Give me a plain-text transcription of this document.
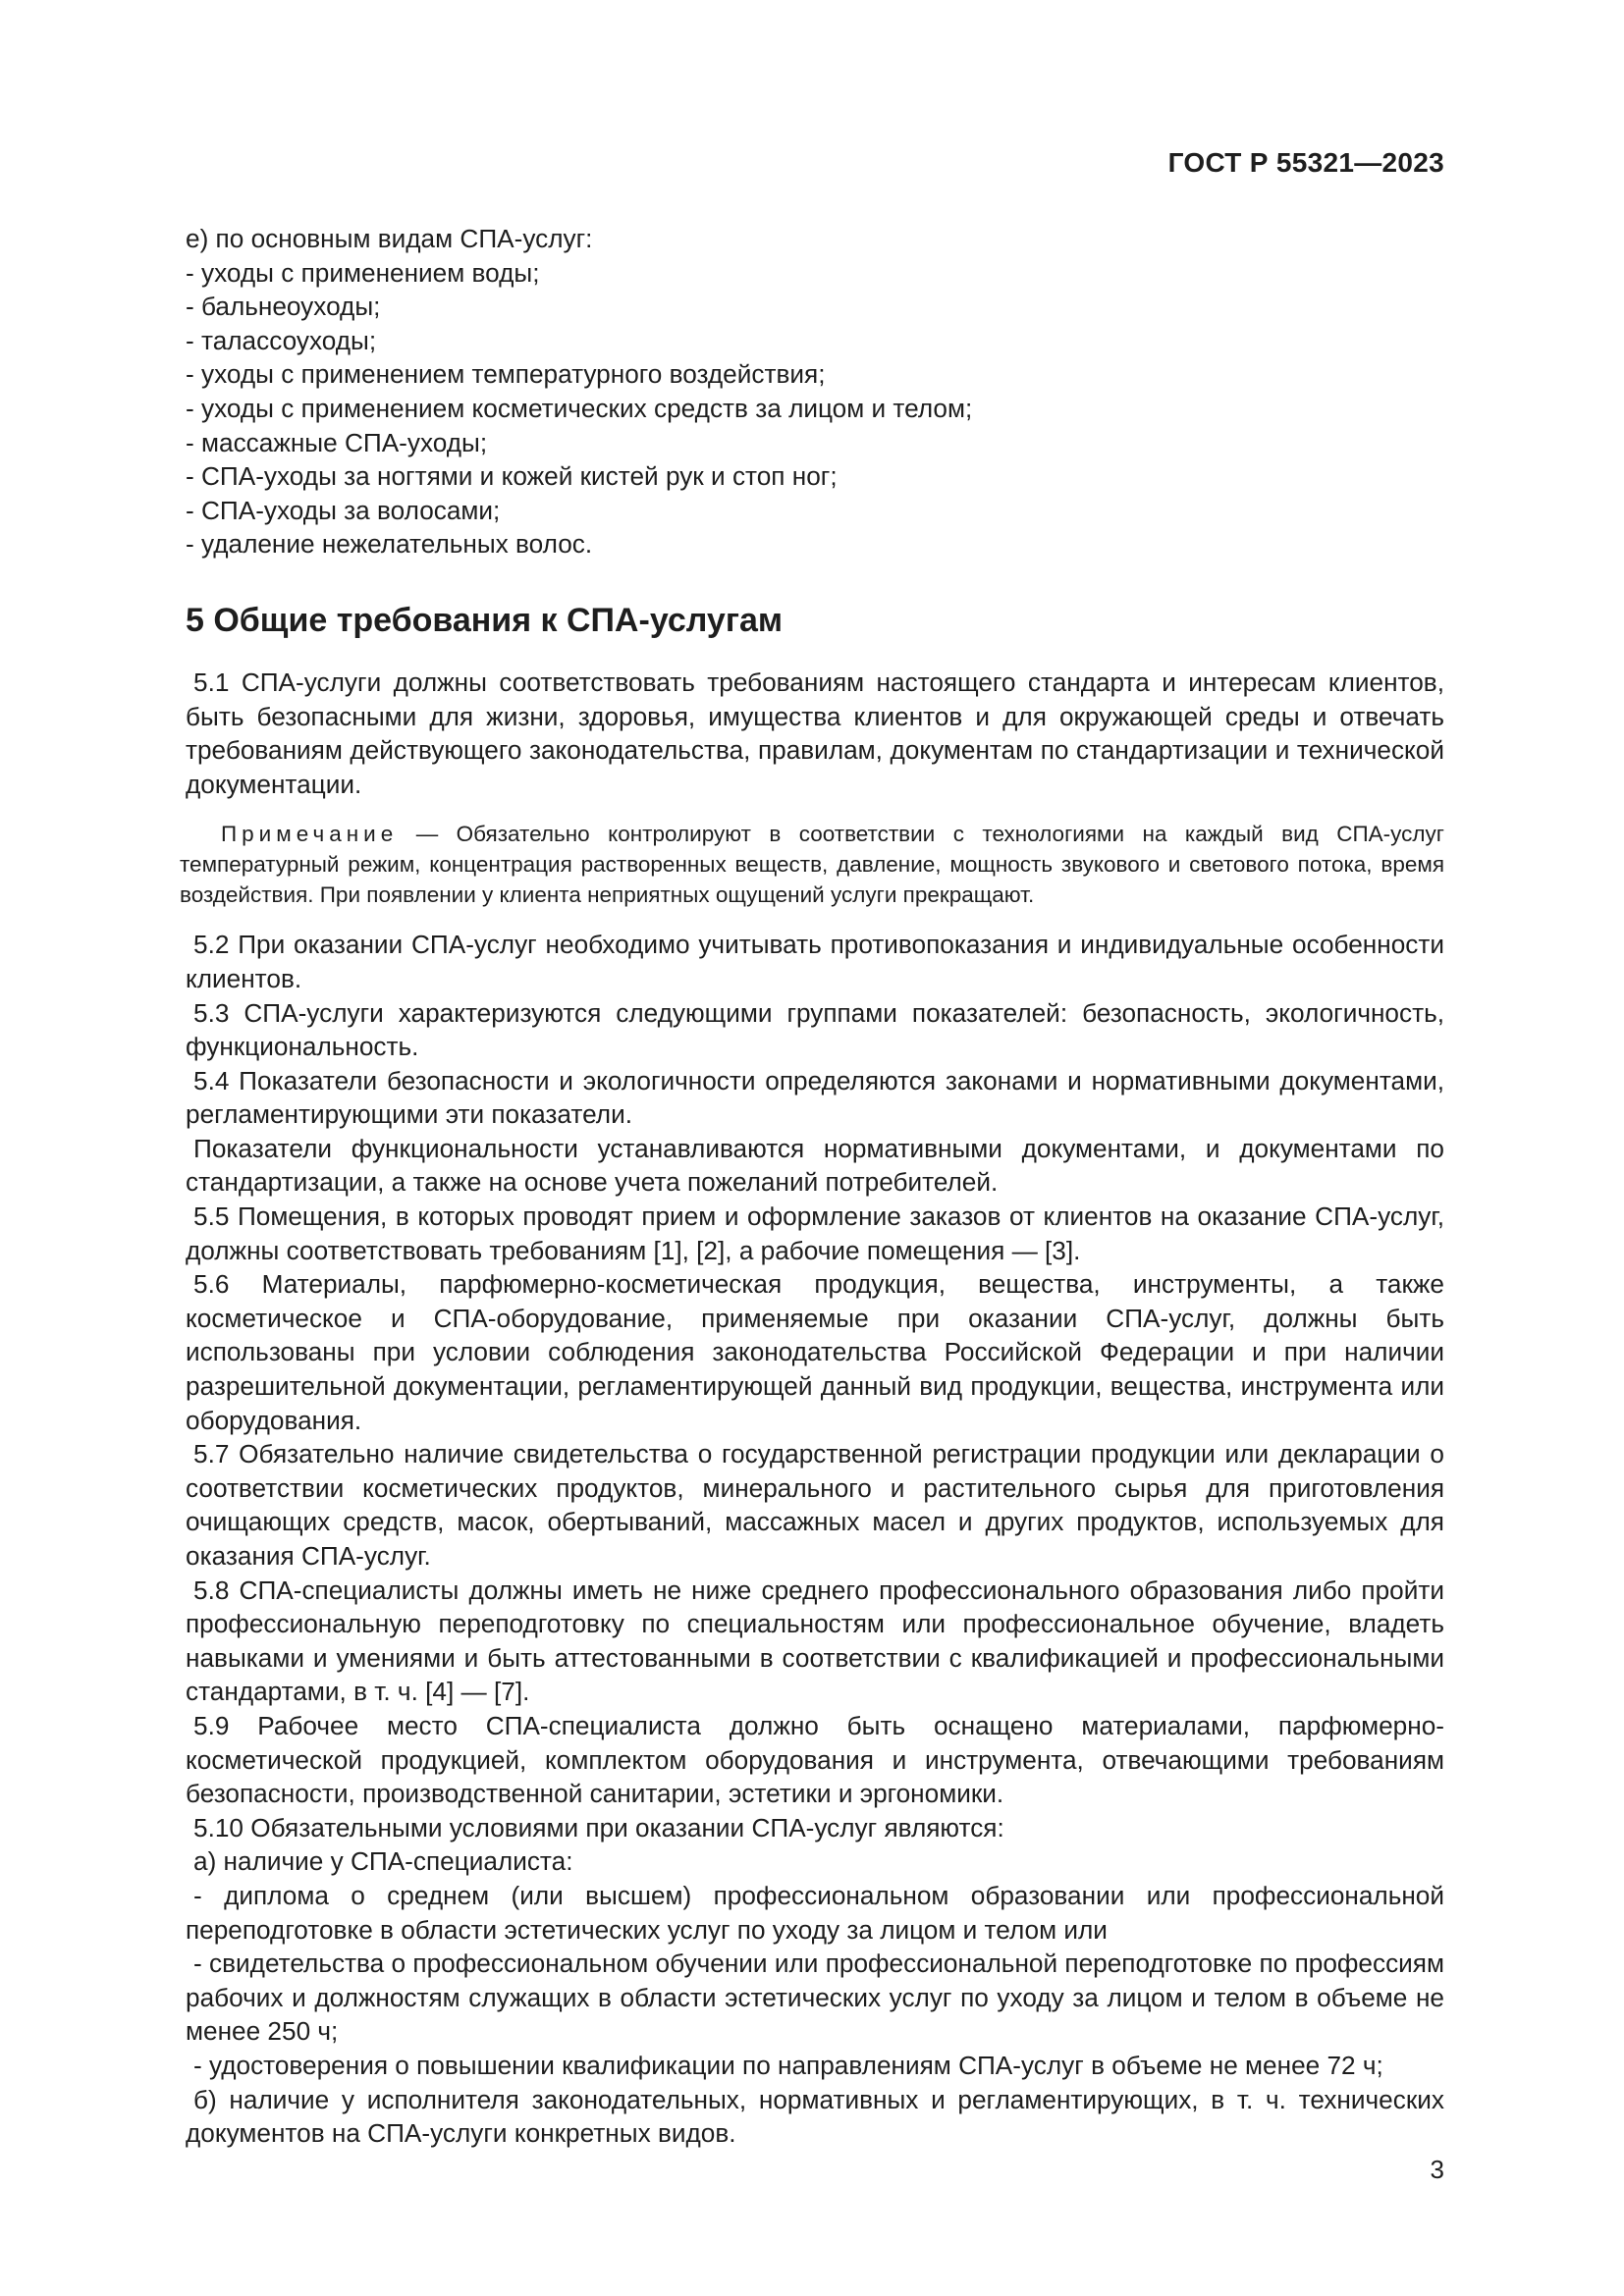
ГОСТ Р 55321—2023

е) по основным видам СПА-услуг:

- уходы с применением воды;

- бальнеоуходы;

- талассоуходы;

- уходы с применением температурного воздействия;

- уходы с применением косметических средств за лицом и телом;

- массажные СПА-уходы;

- СПА-уходы за ногтями и кожей кистей рук и стоп ног;

- СПА-уходы за волосами;

- удаление нежелательных волос.

5 Общие требования к СПА-услугам

5.1 СПА-услуги должны соответствовать требованиям настоящего стандарта и интересам клиентов, быть безопасными для жизни, здоровья, имущества клиентов и для окружающей среды и отвечать требованиям действующего законодательства, правилам, документам по стандартизации и технической документации.

Примечание — Обязательно контролируют в соответствии с технологиями на каждый вид СПА-услуг температурный режим, концентрация растворенных веществ, давление, мощность звукового и светового потока, время воздействия. При появлении у клиента неприятных ощущений услуги прекращают.

5.2 При оказании СПА-услуг необходимо учитывать противопоказания и индивидуальные особенности клиентов.

5.3 СПА-услуги характеризуются следующими группами показателей: безопасность, экологичность, функциональность.

5.4 Показатели безопасности и экологичности определяются законами и нормативными документами, регламентирующими эти показатели.

Показатели функциональности устанавливаются нормативными документами, и документами по стандартизации, а также на основе учета пожеланий потребителей.

5.5 Помещения, в которых проводят прием и оформление заказов от клиентов на оказание СПА-услуг, должны соответствовать требованиям [1], [2], а рабочие помещения — [3].

5.6 Материалы, парфюмерно-косметическая продукция, вещества, инструменты, а также косметическое и СПА-оборудование, применяемые при оказании СПА-услуг, должны быть использованы при условии соблюдения законодательства Российской Федерации и при наличии разрешительной документации, регламентирующей данный вид продукции, вещества, инструмента или оборудования.

5.7 Обязательно наличие свидетельства о государственной регистрации продукции или декларации о соответствии косметических продуктов, минерального и растительного сырья для приготовления очищающих средств, масок, обертываний, массажных масел и других продуктов, используемых для оказания СПА-услуг.

5.8 СПА-специалисты должны иметь не ниже среднего профессионального образования либо пройти профессиональную переподготовку по специальностям или профессиональное обучение, владеть навыками и умениями и быть аттестованными в соответствии с квалификацией и профессиональными стандартами, в т. ч. [4] — [7].

5.9 Рабочее место СПА-специалиста должно быть оснащено материалами, парфюмерно-косметической продукцией, комплектом оборудования и инструмента, отвечающими требованиям безопасности, производственной санитарии, эстетики и эргономики.

5.10 Обязательными условиями при оказании СПА-услуг являются:

а) наличие у СПА-специалиста:

- диплома о среднем (или высшем) профессиональном образовании или профессиональной переподготовке в области эстетических услуг по уходу за лицом и телом или

- свидетельства о профессиональном обучении или профессиональной переподготовке по профессиям рабочих и должностям служащих в области эстетических услуг по уходу за лицом и телом в объеме не менее 250 ч;

- удостоверения о повышении квалификации по направлениям СПА-услуг в объеме не менее 72 ч;

б) наличие у исполнителя законодательных, нормативных и регламентирующих, в т. ч. технических документов на СПА-услуги конкретных видов.

3
